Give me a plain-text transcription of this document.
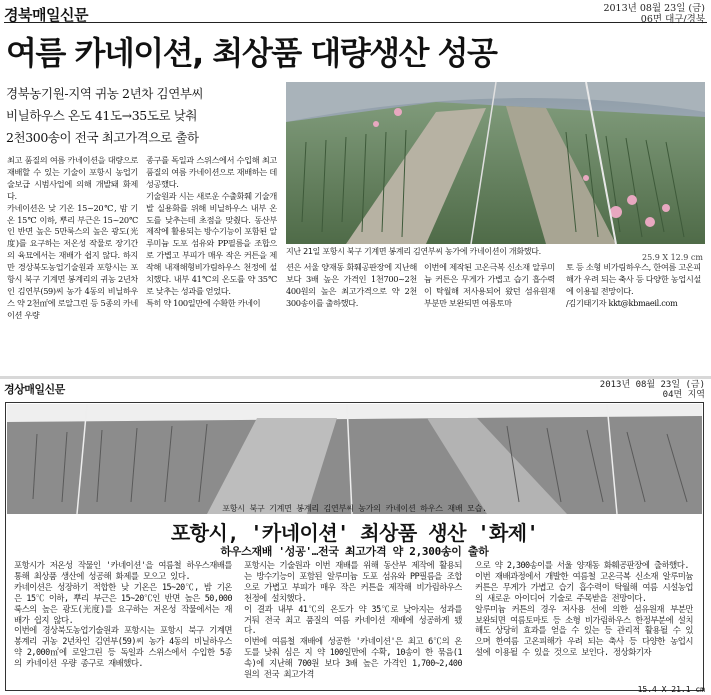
경북매일신문	2013년 08월 23일 (금)
06면 대구/경북
여름 카네이션, 최상품 대량생산 성공
경북농기원-지역 귀농 2년차 김연부씨
비닐하우스 온도 41도→35도로 낮춰
2천300송이 전국 최고가격으로 출하
지난 21일 포항시 북구 기계면 봉계리 김연부씨 농가에 카네이션이 개화했다.
25.9 X 12.9 cm

최고 품질의 여름 카네이션을 대량으로 재배할 수 있는 기술이 포항시 농업기술보급 시범사업에 의해 개발돼 화제다.

카네이션은 낮 기온 15~20℃, 밤 기온 15℃ 이하, 뿌리 부근은 15~20℃인 반면 높은 5만룩스의 높은 광도(光度)를 요구하는 저온성 작물로 장기간의 육묘에서는 재배가 쉽지 않다. 하지만 경상북도농업기술원과 포항시는 포항시 북구 기계면 봉계리의 귀농 2년차인 김연부(59)씨 농가 4동의 비닐하우스 약 2천㎡에 로알그린 등 5종의 카네이션 우량

종구를 독일과 스위스에서 수입해 최고 품질의 여름 카네이션으로 재배하는 데 성공했다.

기술원과 시는 새로운 수출화훼 기술개발 실용화를 위해 비닐하우스 내부 온도를 낮추는데 초점을 맞췄다. 동산부 제작에 활용되는 방수기능이 포함된 알루미늄 도포 섬유와 PP필름을 조합으로 가볍고 부피가 매우 작은 커튼을 제작해 내재해형비가림하우스 천정에 설치했다. 내부 41℃의 온도를 약 35℃로 낮추는 성과를 얻었다.

특히 약 100일만에 수확한 카네이

션은 서울 양재동 화훼공판장에 지난해 보다 3배 높은 가격인 1천700~2천400원의 높은 최고가격으로 약 2천300송이를 출하했다.

이번에 제작된 고온극복 신소재 알루미늄 커튼은 무게가 가볍고 습기 흡수력이 탁월해 저사용되어 왔던 섬유원재 부분만 보완되면 여름토마

토 등 소형 비가림하우스, 한여름 고온피해가 우려 되는 축사 등 다양한 농업시설에 이용될 전망이다.

/김기태기자 kkt@kbmaeil.com

경상매일신문	2013년 08월 23일 (금)
04면 지역
포항시 북구 기계면 봉계리 김연부씨 농가의 카네이션 하우스 재배 모습.
포항시, '카네이션' 최상품 생산 '화제'
하우스재배 '성공'…전국 최고가격 약 2,300송이 출하
포항시가 저온성 작물인 '카네이션'을 여름철 하우스재배를 통해 최상품 생산에 성공해 화제를 모으고 있다.
카네이션은 성장하기 적합한 낮 기온은 15~20℃, 밤 기온은 15℃ 이하, 뿌리 부근은 15~20℃인 반면 높은 50,000룩스의 높은 광도(光度)를 요구하는 저온성 작물에서는 재배가 쉽지 않다.
이번에 경상북도농업기술원과 포항시는 포항시 북구 기계면 봉계리 귀농 2년차인 김연부(59)씨 농가 4동의 비닐하우스 약 2,000㎡에 로알그린 등 독일과 스위스에서 수입한 5종의 카네이션 우량 종구로 재배했다.
포항시는 기술원과 이번 재배를 위해 동산부 제작에 활용되는 방수기능이 포함된 알루미늄 도포 섬유와 PP필름을 조합으로 가볍고 부피가 매우 작은 커튼을 제작해 비가림하우스 천정에 설치했다.
이 결과 내부 41℃의 온도가 약 35℃로 낮아지는 성과를 거둬 전국 최고 품질의 여름 카네이션 재배에 성공하게 됐다.
이번에 여름철 재배에 성공한 '카네이션'은 최고 6℃의 온도를 낮춰 심은 지 약 100일만에 수확, 10송이 한 묶음(1속)에 지난해 700원 보다 3배 높은 가격인 1,700~2,400원의 전국 최고가격
으로 약 2,300송이를 서울 양재동 화훼공판장에 출하했다.
이번 재배과정에서 개발한 여름철 고온극복 신소재 알루미늄 커튼은 무게가 가볍고 습기 흡수력이 탁월해 여름 시설농업의 새로운 아이디어 기술로 주목받을 전망이다.
알루미늄 커튼의 경우 저사용 선에 의한 섬유원재 부분만 보완되면 여름토마토 등 소형 비가림하우스 한정부분에 설치해도 상당히 효과를 얻을 수 있는 등 관리적 활용될 수 있으며 한여름 고온피해가 우려 되는 축사 등 다양한 농업시설에 이용될 수 있을 것으로 보인다. 정상화기자
15.4 X 21.1 cm
